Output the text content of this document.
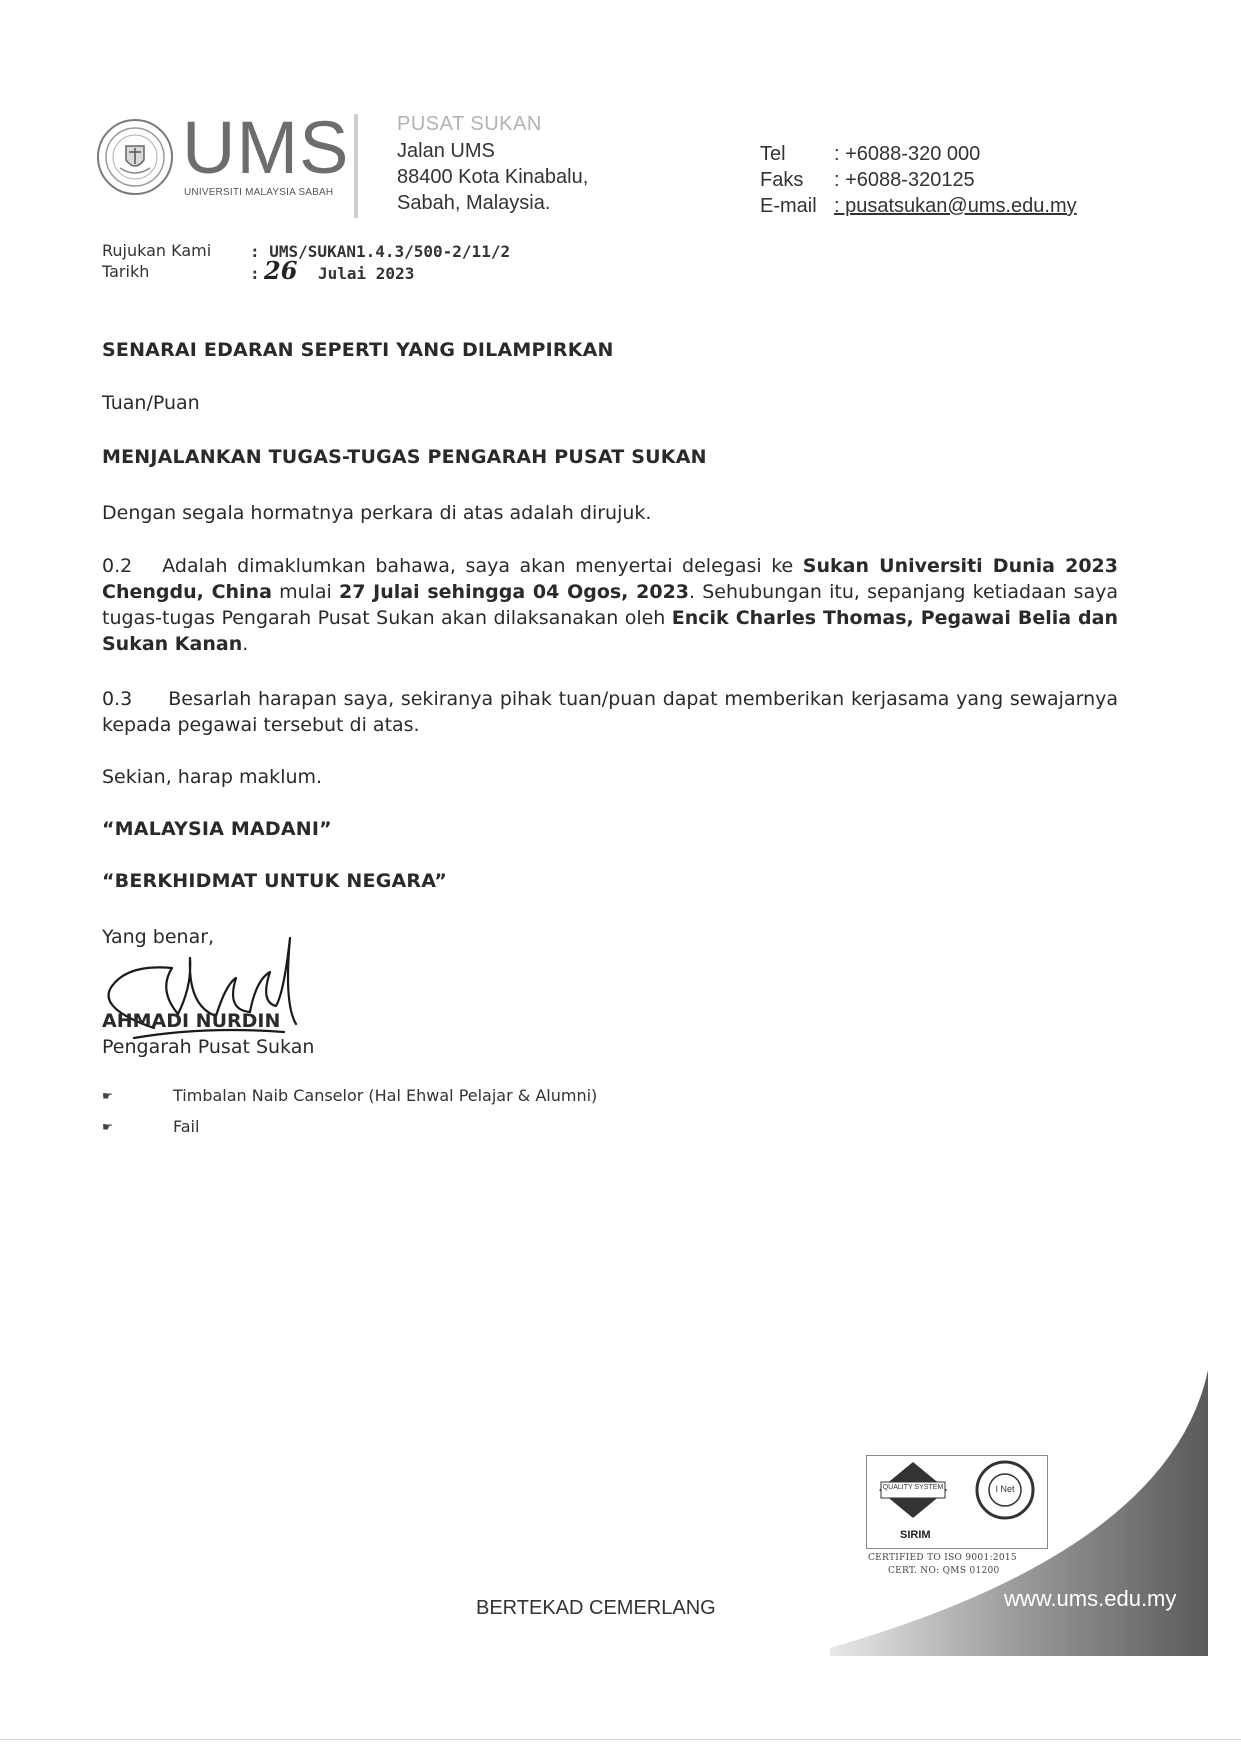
UMS
UNIVERSITI MALAYSIA SABAH
PUSAT SUKAN
Jalan UMS
88400 Kota Kinabalu,
Sabah, Malaysia.
Tel : +6088-320 000
Faks : +6088-320125
E-mail : pusatsukan@ums.edu.my
Rujukan Kami : UMS/SUKAN1.4.3/500-2/11/2
Tarikh	: 26 Julai 2023
SENARAI EDARAN SEPERTI YANG DILAMPIRKAN
Tuan/Puan
MENJALANKAN TUGAS-TUGAS PENGARAH PUSAT SUKAN
Dengan segala hormatnya perkara di atas adalah dirujuk.
0.2 Adalah dimaklumkan bahawa, saya akan menyertai delegasi ke Sukan Universiti Dunia 2023 Chengdu, China mulai 27 Julai sehingga 04 Ogos, 2023. Sehubungan itu, sepanjang ketiadaan saya tugas-tugas Pengarah Pusat Sukan akan dilaksanakan oleh Encik Charles Thomas, Pegawai Belia dan Sukan Kanan.
0.3 Besarlah harapan saya, sekiranya pihak tuan/puan dapat memberikan kerjasama yang sewajarnya kepada pegawai tersebut di atas.
Sekian, harap maklum.
“MALAYSIA MADANI”
“BERKHIDMAT UNTUK NEGARA”
Yang benar,
AHMADI NURDIN
Pengarah Pusat Sukan
☛	Timbalan Naib Canselor (Hal Ehwal Pelajar & Alumni)
☛	Fail
QUALITY SYSTEM	I Net
SIRIM
CERTIFIED TO ISO 9001:2015
CERT. NO: QMS 01200
BERTEKAD CEMERLANG	www.ums.edu.my
